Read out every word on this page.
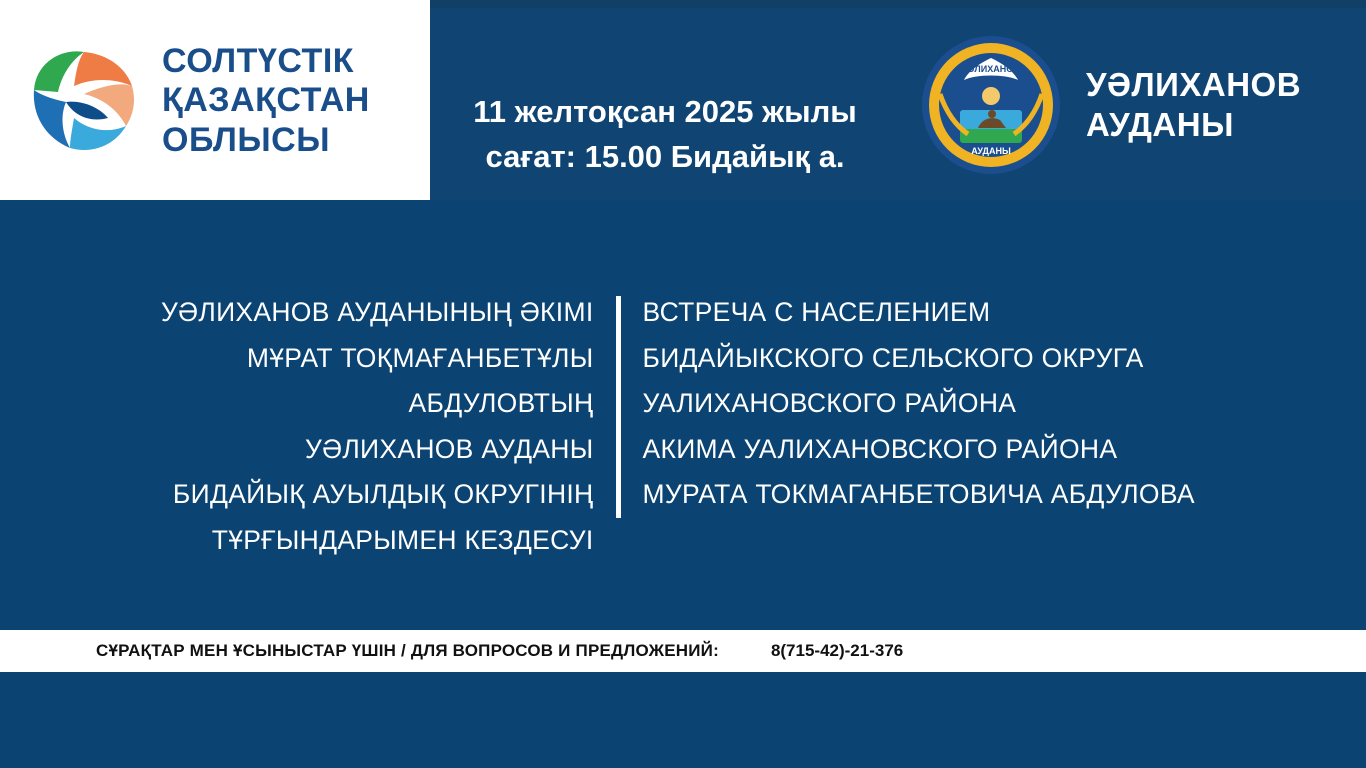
СОЛТҮСТІК
ҚАЗАҚСТАН
ОБЛЫСЫ
11 желтоқсан 2025 жылы
сағат: 15.00 Бидайық а.
УӘЛИХАНОВ
АУДАНЫ
УӘЛИХАНОВ
АУДАНЫ
УӘЛИХАНОВ АУДАНЫНЫҢ ӘКІМІ
МҰРАТ ТОҚМАҒАНБЕТҰЛЫ АБДУЛОВТЫҢ
УӘЛИХАНОВ АУДАНЫ
БИДАЙЫҚ АУЫЛДЫҚ ОКРУГІНІҢ
ТҰРҒЫНДАРЫМЕН КЕЗДЕСУІ
ВСТРЕЧА С НАСЕЛЕНИЕМ
БИДАЙЫКСКОГО СЕЛЬСКОГО ОКРУГА
УАЛИХАНОВСКОГО РАЙОНА
АКИМА УАЛИХАНОВСКОГО РАЙОНА
МУРАТА ТОКМАГАНБЕТОВИЧА АБДУЛОВА
СҰРАҚТАР МЕН ҰСЫНЫСТАР ҮШІН / ДЛЯ ВОПРОСОВ И ПРЕДЛОЖЕНИЙ:	8(715-42)-21-376
